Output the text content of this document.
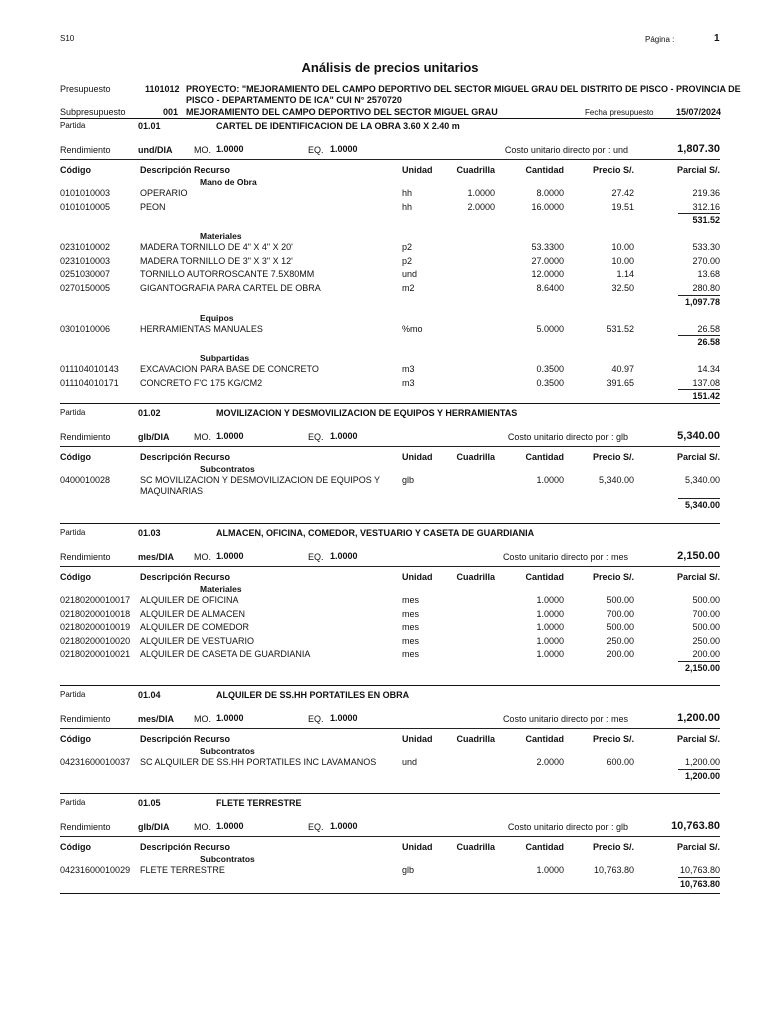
S10	Página :	1
Análisis de precios unitarios
Presupuesto	1101012 PROYECTO: "MEJORAMIENTO DEL CAMPO DEPORTIVO DEL SECTOR MIGUEL GRAU DEL DISTRITO DE PISCO - PROVINCIA DE
PISCO - DEPARTAMENTO DE ICA" CUI N° 2570720
Subpresupuesto	001 MEJORAMIENTO DEL CAMPO DEPORTIVO DEL SECTOR MIGUEL GRAU	Fecha presupuesto	15/07/2024
Partida	01.01	CARTEL DE IDENTIFICACION DE LA OBRA 3.60 X 2.40 m
Rendimiento	und/DIA MO. 1.0000	EQ. 1.0000	Costo unitario directo por : und	1,807.30
Código	Descripción Recurso	Unidad	Cuadrilla	Cantidad	Precio S/.	Parcial S/.
Mano de Obra
0101010003	OPERARIO	hh	1.0000	8.0000	27.42	219.36
0101010005	PEON	hh	2.0000	16.0000	19.51	312.16
531.52
Materiales
0231010002	MADERA TORNILLO DE 4" X 4" X 20'	p2	53.3300	10.00	533.30
0231010003	MADERA TORNILLO DE 3" X 3" X 12'	p2	27.0000	10.00	270.00
0251030007	TORNILLO AUTORROSCANTE 7.5X80MM	und	12.0000	1.14	13.68
0270150005	GIGANTOGRAFIA PARA CARTEL DE OBRA	m2	8.6400	32.50	280.80
1,097.78
Equipos
0301010006	HERRAMIENTAS MANUALES	%mo	5.0000	531.52	26.58
26.58
Subpartidas
011104010143 EXCAVACION PARA BASE DE CONCRETO	m3	0.3500	40.97	14.34
011104010171 CONCRETO F'C 175 KG/CM2	m3	0.3500	391.65	137.08
151.42
Partida	01.02	MOVILIZACION Y DESMOVILIZACION DE EQUIPOS Y HERRAMIENTAS
Rendimiento	glb/DIA	MO. 1.0000	EQ. 1.0000	Costo unitario directo por : glb	5,340.00
Código	Descripción Recurso	Unidad	Cuadrilla	Cantidad	Precio S/.	Parcial S/.
Subcontratos
0400010028	SC MOVILIZACION Y DESMOVILIZACION DE EQUIPOS Y glb	1.0000	5,340.00	5,340.00
MAQUINARIAS
5,340.00
Partida	01.03	ALMACEN, OFICINA, COMEDOR, VESTUARIO Y CASETA DE GUARDIANIA
Rendimiento	mes/DIA MO. 1.0000	EQ. 1.0000	Costo unitario directo por : mes	2,150.00
Código	Descripción Recurso	Unidad	Cuadrilla	Cantidad	Precio S/.	Parcial S/.
Materiales
02180200010017 ALQUILER DE OFICINA	mes	1.0000	500.00	500.00
02180200010018 ALQUILER DE ALMACEN	mes	1.0000	700.00	700.00
02180200010019 ALQUILER DE COMEDOR	mes	1.0000	500.00	500.00
02180200010020 ALQUILER DE VESTUARIO	mes	1.0000	250.00	250.00
02180200010021 ALQUILER DE CASETA DE GUARDIANIA	mes	1.0000	200.00	200.00
2,150.00
Partida	01.04	ALQUILER DE SS.HH PORTATILES EN OBRA
Rendimiento	mes/DIA MO. 1.0000	EQ. 1.0000	Costo unitario directo por : mes	1,200.00
Código	Descripción Recurso	Unidad	Cuadrilla	Cantidad	Precio S/.	Parcial S/.
Subcontratos
04231600010037 SC ALQUILER DE SS.HH PORTATILES INC LAVAMANOS	und	2.0000	600.00	1,200.00
1,200.00
Partida	01.05	FLETE TERRESTRE
Rendimiento	glb/DIA	MO. 1.0000	EQ. 1.0000	Costo unitario directo por : glb	10,763.80
Código	Descripción Recurso	Unidad	Cuadrilla	Cantidad	Precio S/.	Parcial S/.
Subcontratos
04231600010029 FLETE TERRESTRE	glb	1.0000	10,763.80	10,763.80
10,763.80
